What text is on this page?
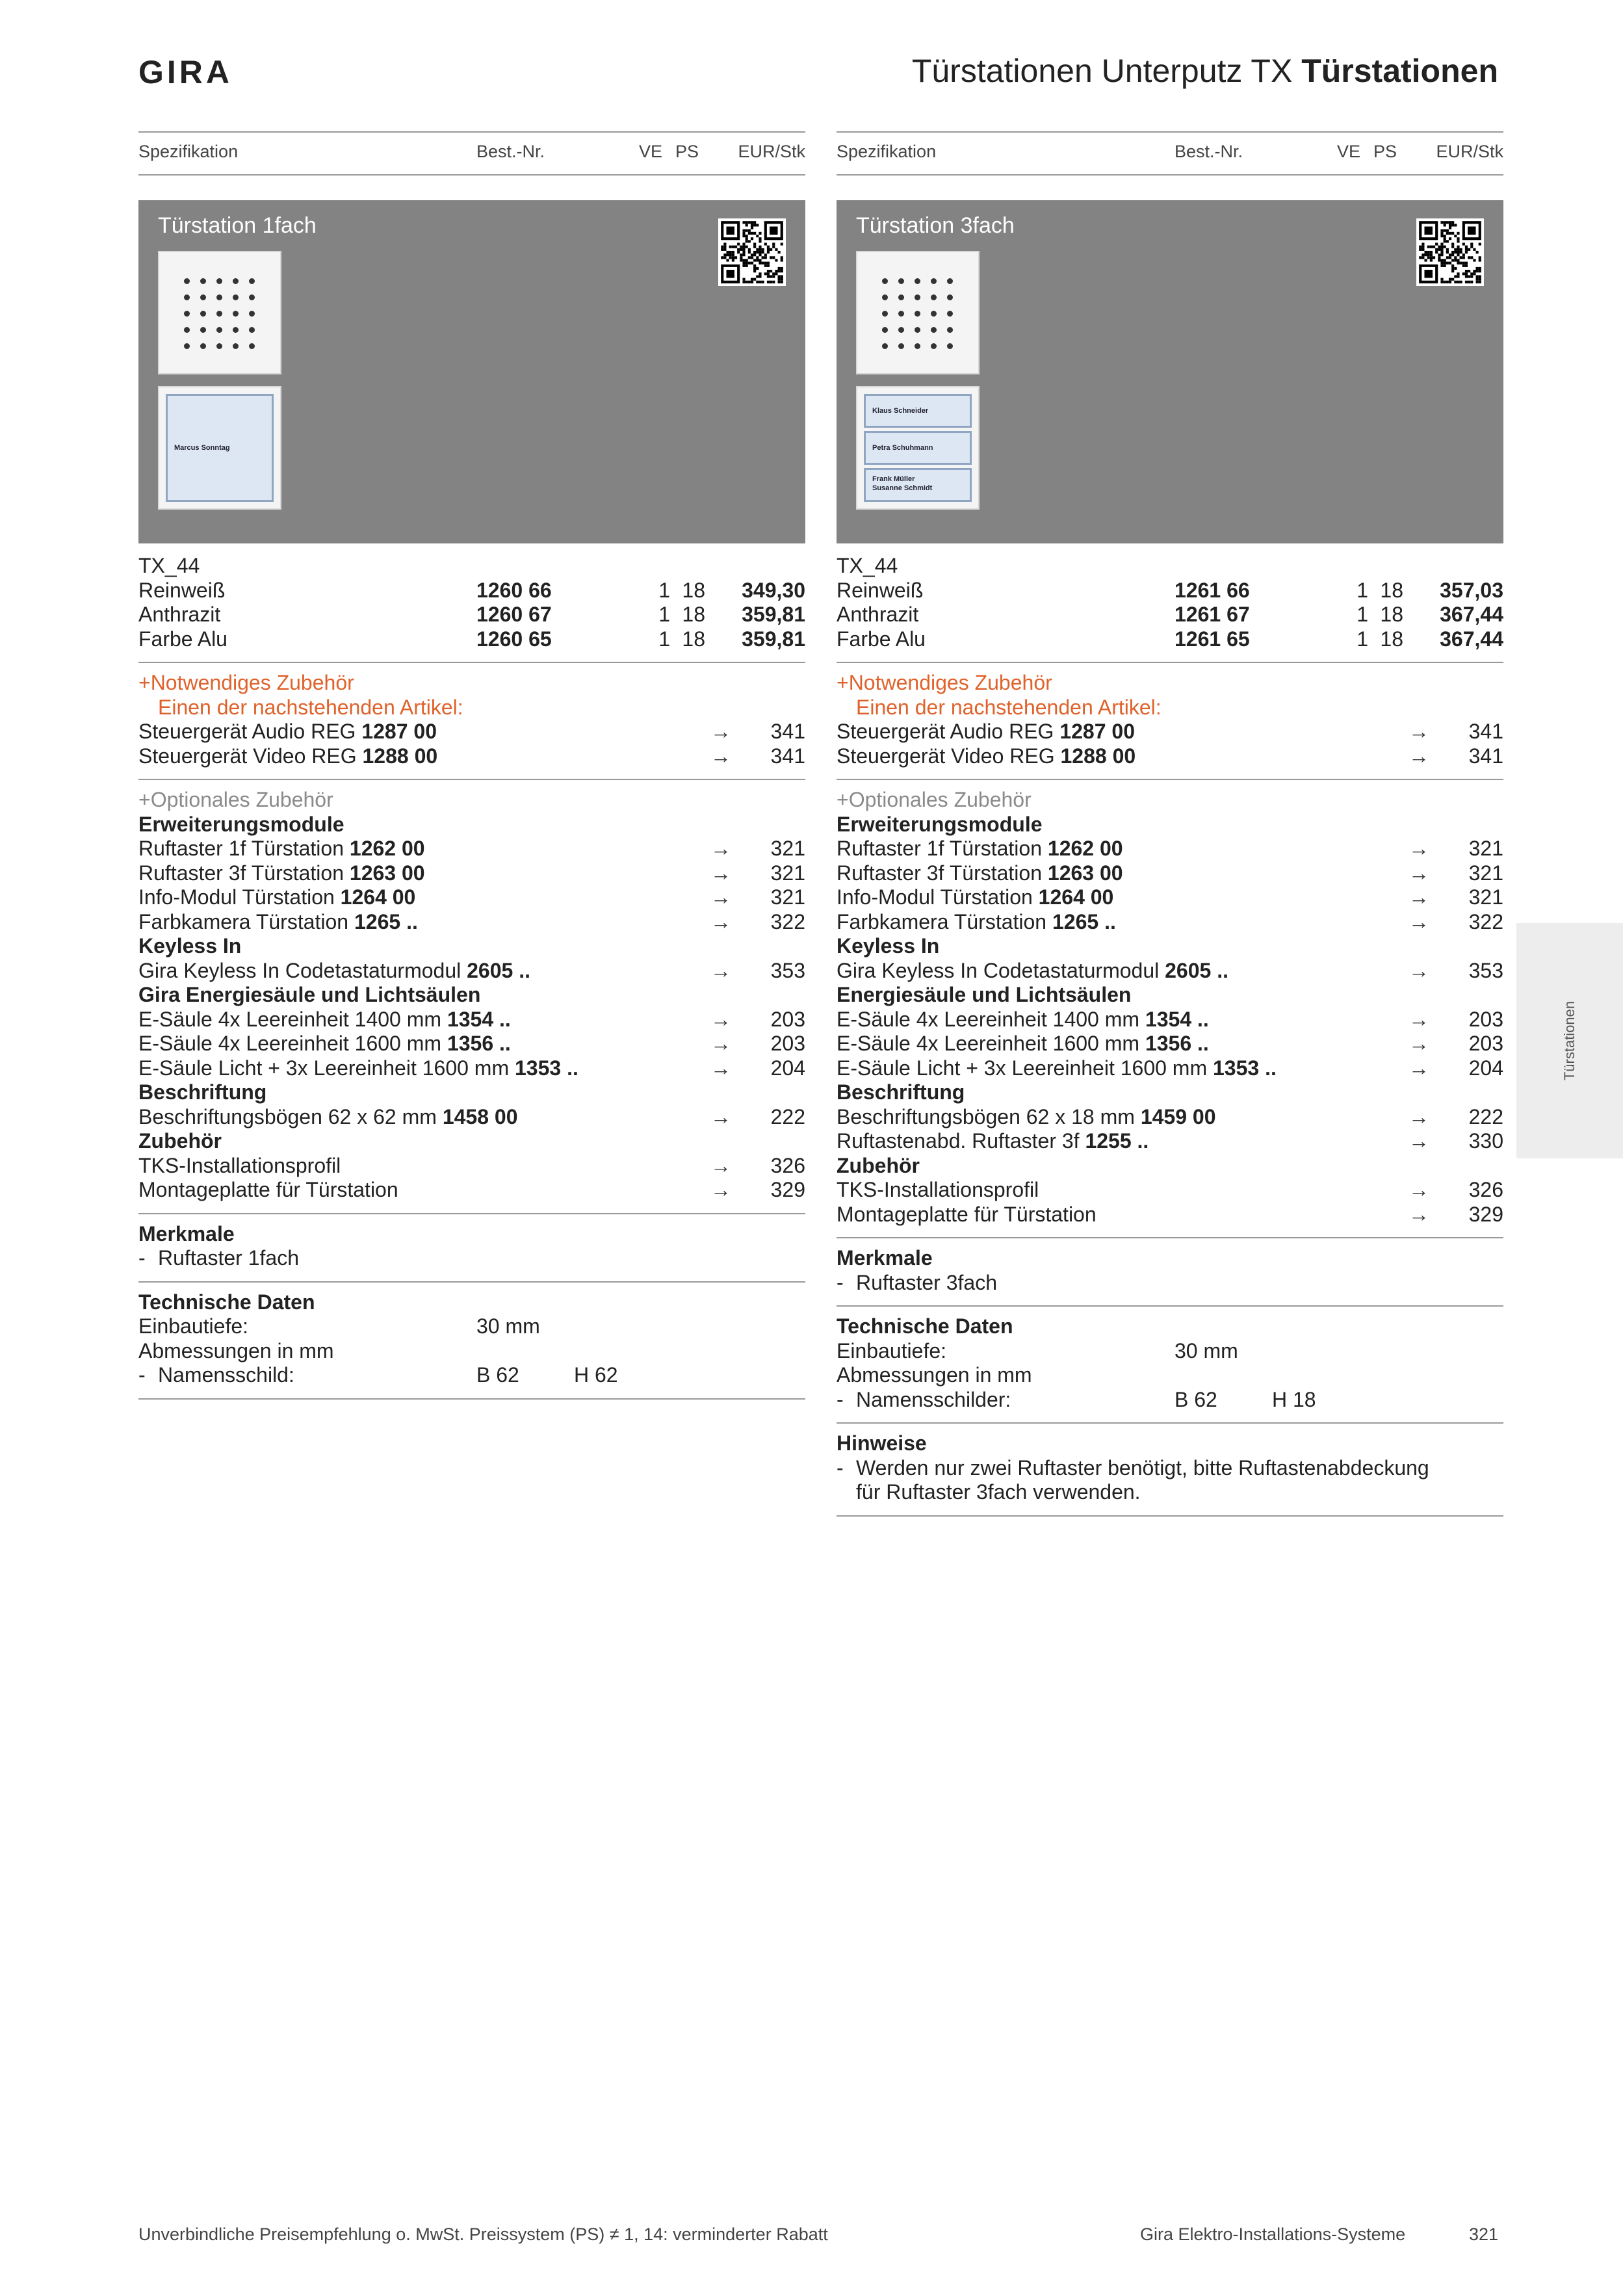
GIRA	Türstationen Unterputz TX Türstationen
Spezifikation	Best.-Nr.	VE PS EUR/Stk
Türstation 1fach
Marcus Sonntag
TX_44
Reinweiß	1260 66	1 18 349,30
Anthrazit	1260 67	1 18 359,81
Farbe Alu	1260 65	1 18 359,81
+Notwendiges Zubehör
Einen der nachstehenden Artikel:
Steuergerät Audio REG 1287 00	→ 341
Steuergerät Video REG 1288 00	→ 341
+Optionales Zubehör
Erweiterungsmodule
Ruftaster 1f Türstation 1262 00	→ 321
Ruftaster 3f Türstation 1263 00	→ 321
Info-Modul Türstation 1264 00	→ 321
Farbkamera Türstation 1265 ..	→ 322
Keyless In
Gira Keyless In Codetastaturmodul 2605 ..	→ 353
Gira Energiesäule und Lichtsäulen
E-Säule 4x Leereinheit 1400 mm 1354 ..	→ 203
E-Säule 4x Leereinheit 1600 mm 1356 ..	→ 203
E-Säule Licht + 3x Leereinheit 1600 mm 1353 ..	→ 204
Beschriftung
Beschriftungsbögen 62 x 62 mm 1458 00	→ 222
Zubehör
TKS-Installationsprofil	→ 326
Montageplatte für Türstation	→ 329
Merkmale
- Ruftaster 1fach
Technische Daten
Einbautiefe:	30 mm
Abmessungen in mm
- Namensschild:	B 62	H 62
Spezifikation	Best.-Nr.	VE PS EUR/Stk
Türstation 3fach
Klaus Schneider
Petra Schuhmann
Frank Müller
Susanne Schmidt
TX_44
Reinweiß	1261 66	1 18 357,03
Anthrazit	1261 67	1 18 367,44
Farbe Alu	1261 65	1 18 367,44
+Notwendiges Zubehör
Einen der nachstehenden Artikel:
Steuergerät Audio REG 1287 00	→ 341
Steuergerät Video REG 1288 00	→ 341
+Optionales Zubehör
Erweiterungsmodule
Ruftaster 1f Türstation 1262 00	→ 321
Ruftaster 3f Türstation 1263 00	→ 321
Info-Modul Türstation 1264 00	→ 321
Farbkamera Türstation 1265 ..	→ 322
Keyless In
Gira Keyless In Codetastaturmodul 2605 ..	→ 353
Energiesäule und Lichtsäulen
E-Säule 4x Leereinheit 1400 mm 1354 ..	→ 203
E-Säule 4x Leereinheit 1600 mm 1356 ..	→ 203
E-Säule Licht + 3x Leereinheit 1600 mm 1353 ..	→ 204
Beschriftung
Beschriftungsbögen 62 x 18 mm 1459 00	→ 222
Ruftastenabd. Ruftaster 3f 1255 ..	→ 330
Zubehör
TKS-Installationsprofil	→ 326
Montageplatte für Türstation	→ 329
Merkmale
- Ruftaster 3fach
Technische Daten
Einbautiefe:	30 mm
Abmessungen in mm
- Namensschilder:	B 62	H 18
Hinweise
- Werden nur zwei Ruftaster benötigt, bitte Ruftastenabdeckung
für Ruftaster 3fach verwenden.
Türstationen
Unverbindliche Preisempfehlung o. MwSt. Preissystem (PS) ≠ 1, 14: verminderter Rabatt	Gira Elektro-Installations-Systeme	321
